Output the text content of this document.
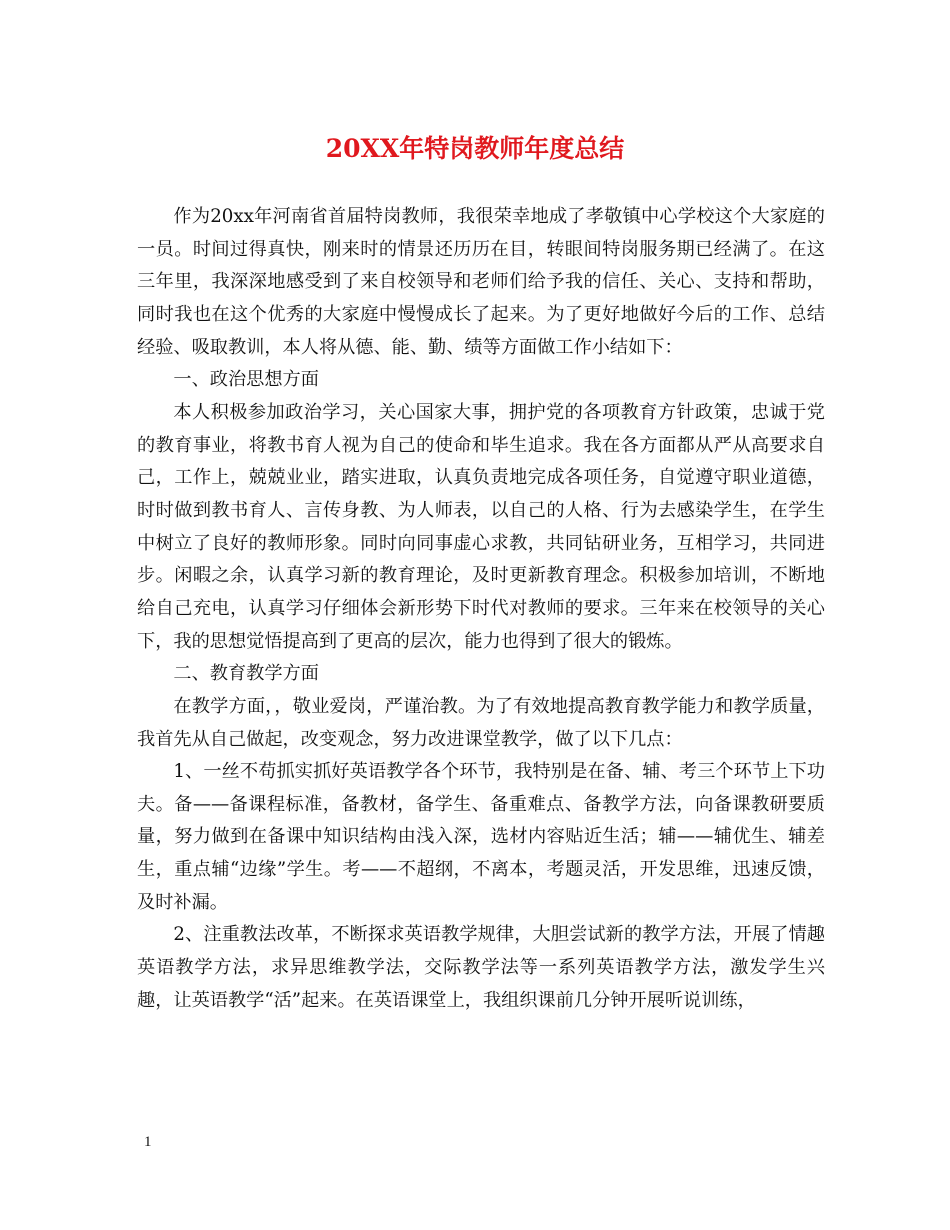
20XX年特岗教师年度总结

作为20xx年河南省首届特岗教师，我很荣幸地成了孝敬镇中心学校这个大家庭的一员。时间过得真快，刚来时的情景还历历在目，转眼间特岗服务期已经满了。在这三年里，我深深地感受到了来自校领导和老师们给予我的信任、关心、支持和帮助，同时我也在这个优秀的大家庭中慢慢成长了起来。为了更好地做好今后的工作、总结经验、吸取教训，本人将从德、能、勤、绩等方面做工作小结如下：

一、政治思想方面

本人积极参加政治学习，关心国家大事，拥护党的各项教育方针政策，忠诚于党的教育事业，将教书育人视为自己的使命和毕生追求。我在各方面都从严从高要求自己，工作上，兢兢业业，踏实进取，认真负责地完成各项任务，自觉遵守职业道德，时时做到教书育人、言传身教、为人师表，以自己的人格、行为去感染学生，在学生中树立了良好的教师形象。同时向同事虚心求教，共同钻研业务，互相学习，共同进步。闲暇之余，认真学习新的教育理论，及时更新教育理念。积极参加培训，不断地给自己充电，认真学习仔细体会新形势下时代对教师的要求。三年来在校领导的关心下，我的思想觉悟提高到了更高的层次，能力也得到了很大的锻炼。

二、教育教学方面

在教学方面，，敬业爱岗，严谨治教。为了有效地提高教育教学能力和教学质量，我首先从自己做起，改变观念，努力改进课堂教学，做了以下几点：

1、一丝不苟抓实抓好英语教学各个环节，我特别是在备、辅、考三个环节上下功夫。备——备课程标准，备教材，备学生、备重难点、备教学方法，向备课教研要质量，努力做到在备课中知识结构由浅入深，选材内容贴近生活；辅——辅优生、辅差生，重点辅“边缘”学生。考——不超纲，不离本，考题灵活，开发思维，迅速反馈，及时补漏。

2、注重教法改革，不断探求英语教学规律，大胆尝试新的教学方法，开展了情趣英语教学方法，求异思维教学法，交际教学法等一系列英语教学方法，激发学生兴趣，让英语教学“活”起来。在英语课堂上，我组织课前几分钟开展听说训练，

1
